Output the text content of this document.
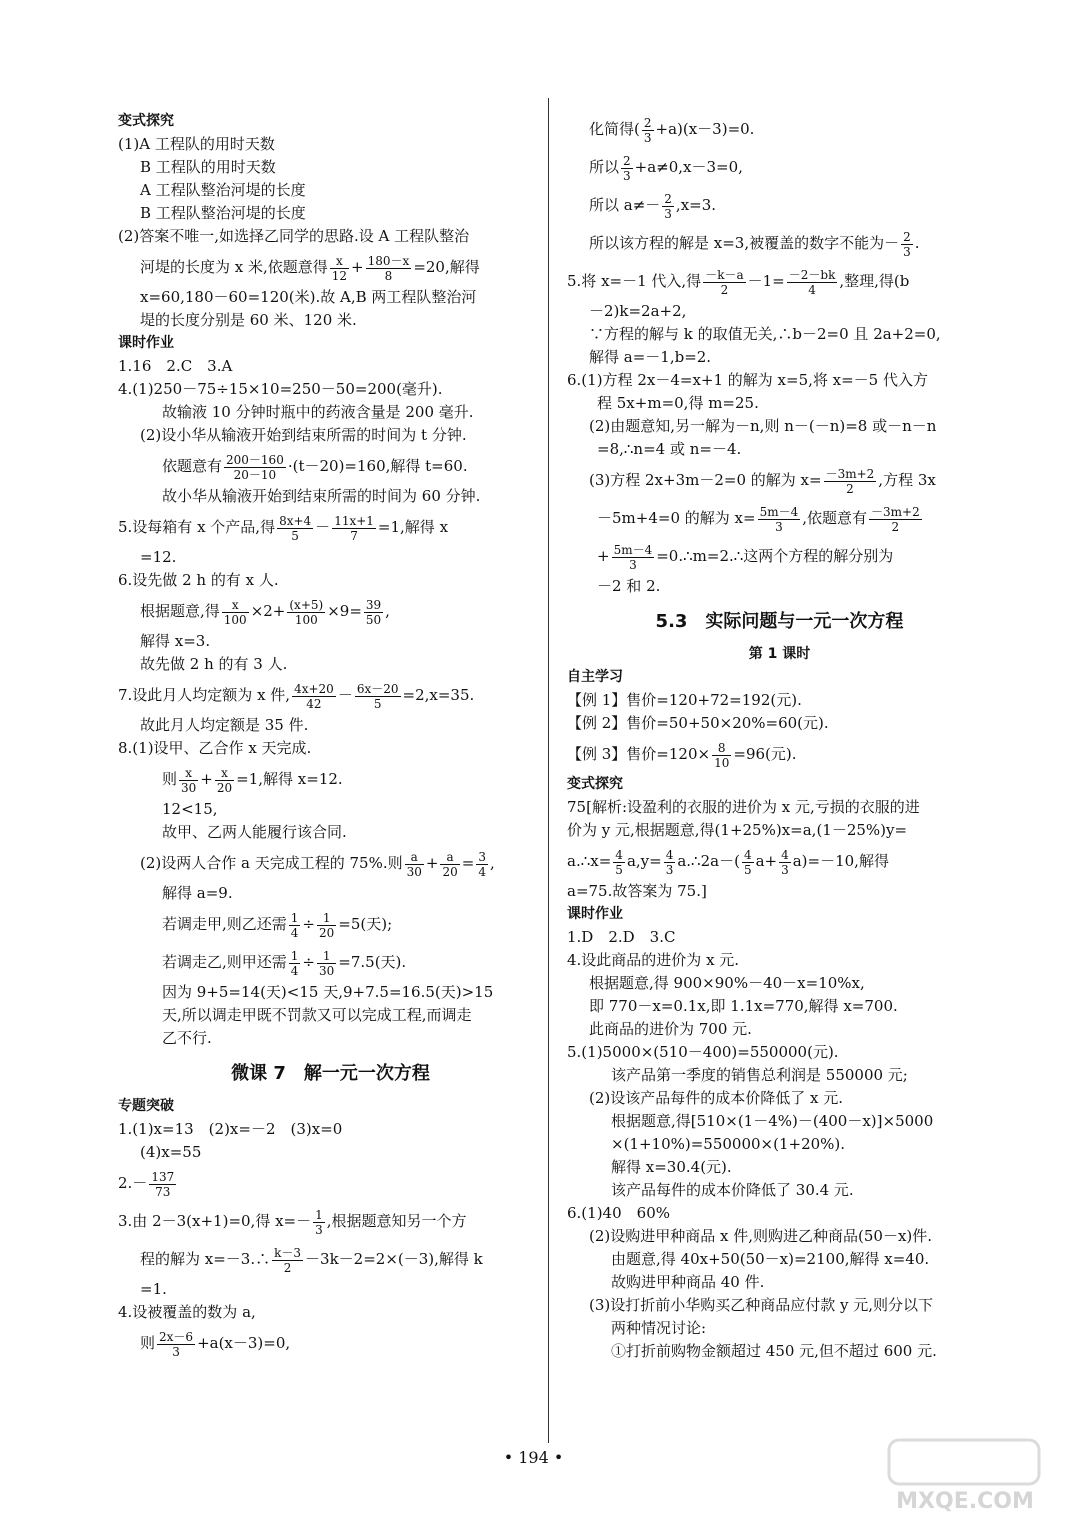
变式探究
(1)A 工程队的用时天数
B 工程队的用时天数
A 工程队整治河堤的长度
B 工程队整治河堤的长度
(2)答案不唯一,如选择乙同学的思路.设 A 工程队整治
河堤的长度为 x 米,依题意得 $\frac{x}{12} + \frac{180-x}{8} =20$,解得
x=60,180－60=120(米).故 A,B 两工程队整治河
堤的长度分别是 60 米、120 米.
课时作业
1.16　2.C　3.A
4.(1)250－75÷15×10=250－50=200(毫升).
故输液 10 分钟时瓶中的药液含量是 200 毫升.
(2)设小华从输液开始到结束所需的时间为 t 分钟.
依题意有 $\frac{200-160}{20-10} \cdot(t-20)=160$,解得 t=60.
故小华从输液开始到结束所需的时间为 60 分钟.
5.设每箱有 x 个产品,得 $\frac{8x+4}{5} - \frac{11x+1}{7} =1$,解得 x
=12.
6.设先做 2 h 的有 x 人.
根据题意,得 $\frac{x}{100} \times 2+ \frac{(x+5)}{100} \times 9= \frac{39}{50}$ ,
解得 x=3.
故先做 2 h 的有 3 人.
7.设此月人均定额为 x 件, $\frac{4x+20}{42} - \frac{6x-20}{5} =2,x=35$.
故此月人均定额是 35 件.
8.(1)设甲、乙合作 x 天完成.
则 $\frac{x}{30} + \frac{x}{20} =1$,解得 x=12.
12<15,
故甲、乙两人能履行该合同.
(2)设两人合作 a 天完成工程的 75%.则 $\frac{a}{30} + \frac{a}{20} = \frac{3}{4}$ ,
解得 a=9.
若调走甲,则乙还需 $\frac{1}{4} \div \frac{1}{20} =5$(天);
若调走乙,则甲还需 $\frac{1}{4} \div \frac{1}{30} =7.5$(天).
因为 9+5=14(天)<15 天,9+7.5=16.5(天)>15
天,所以调走甲既不罚款又可以完成工程,而调走
乙不行.
微课 7　解一元一次方程
专题突破
1.(1)x=13　(2)x=－2　(3)x=0
(4)x=55
$2.- \frac{137}{73}$
3.由 2－3(x+1)=0,得 $x=- \frac{1}{3}$ ,根据题意知另一个方
程的解为 x=－3.∴ $\frac{k-3}{2} -3k-2=2\times(-3)$,解得 k
=1.
4.设被覆盖的数为 a,
则 $\frac{2x-6}{3} +a(x-3)=0$,
化简得( $\frac{2}{3} +a)(x-3)=0$.
所以 $\frac{2}{3} +a\ne 0,x-3=0$,
所以 $a\ne- \frac{2}{3} ,x=3$.
所以该方程的解是 x=3,被覆盖的数字不能为－ $\frac{2}{3}$ .
5.将 x=－1 代入,得 $\frac{-k-a}{2} -1= \frac{-2-bk}{4}$ ,整理,得(b
－2)k=2a+2,
∵方程的解与 k 的取值无关,∴b－2=0 且 2a+2=0,
解得 a=－1,b=2.
6.(1)方程 2x－4=x+1 的解为 x=5,将 x=－5 代入方
程 5x+m=0,得 m=25.
(2)由题意知,另一解为－n,则 n－(－n)=8 或－n－n
=8,∴n=4 或 n=－4.
(3)方程 2x+3m－2=0 的解为 $x= \frac{-3m+2}{2}$ ,方程 3x
－5m+4=0 的解为 $x= \frac{5m-4}{3}$ ,依题意有 $\frac{-3m+2}{2}$
+ $\frac{5m-4}{3}$ =0.∴m=2.∴这两个方程的解分别为
－2 和 2.
5.3　实际问题与一元一次方程
第 1 课时
自主学习
【例 1】售价=120+72=192(元).
【例 2】售价=50+50×20%=60(元).
【例 3】售价$=120\times \frac{8}{10} =96$(元).
变式探究
75[解析:设盈利的衣服的进价为 x 元,亏损的衣服的进
价为 y 元,根据题意,得(1+25%)x=a,(1－25%)y=
a.∴x= $\frac{4}{5} a,y= \frac{4}{3}$ a.∴2a－( $\frac{4}{5} a+ \frac{4}{3} a)=-10$,解得
a=75.故答案为 75.]
课时作业
1.D　2.D　3.C
4.设此商品的进价为 x 元.
根据题意,得 900×90%－40－x=10%x,
即 770－x=0.1x,即 1.1x=770,解得 x=700.
此商品的进价为 700 元.
5.(1)5000×(510－400)=550000(元).
该产品第一季度的销售总利润是 550000 元;
(2)设该产品每件的成本价降低了 x 元.
根据题意,得[510×(1－4%)－(400－x)]×5000
×(1+10%)=550000×(1+20%).
解得 x=30.4(元).
该产品每件的成本价降低了 30.4 元.
6.(1)40　60%
(2)设购进甲种商品 x 件,则购进乙种商品(50－x)件.
由题意,得 40x+50(50－x)=2100,解得 x=40.
故购进甲种商品 40 件.
(3)设打折前小华购买乙种商品应付款 y 元,则分以下
两种情况讨论:
①打折前购物金额超过 450 元,但不超过 600 元.
• 194 •
MXQE.COM
